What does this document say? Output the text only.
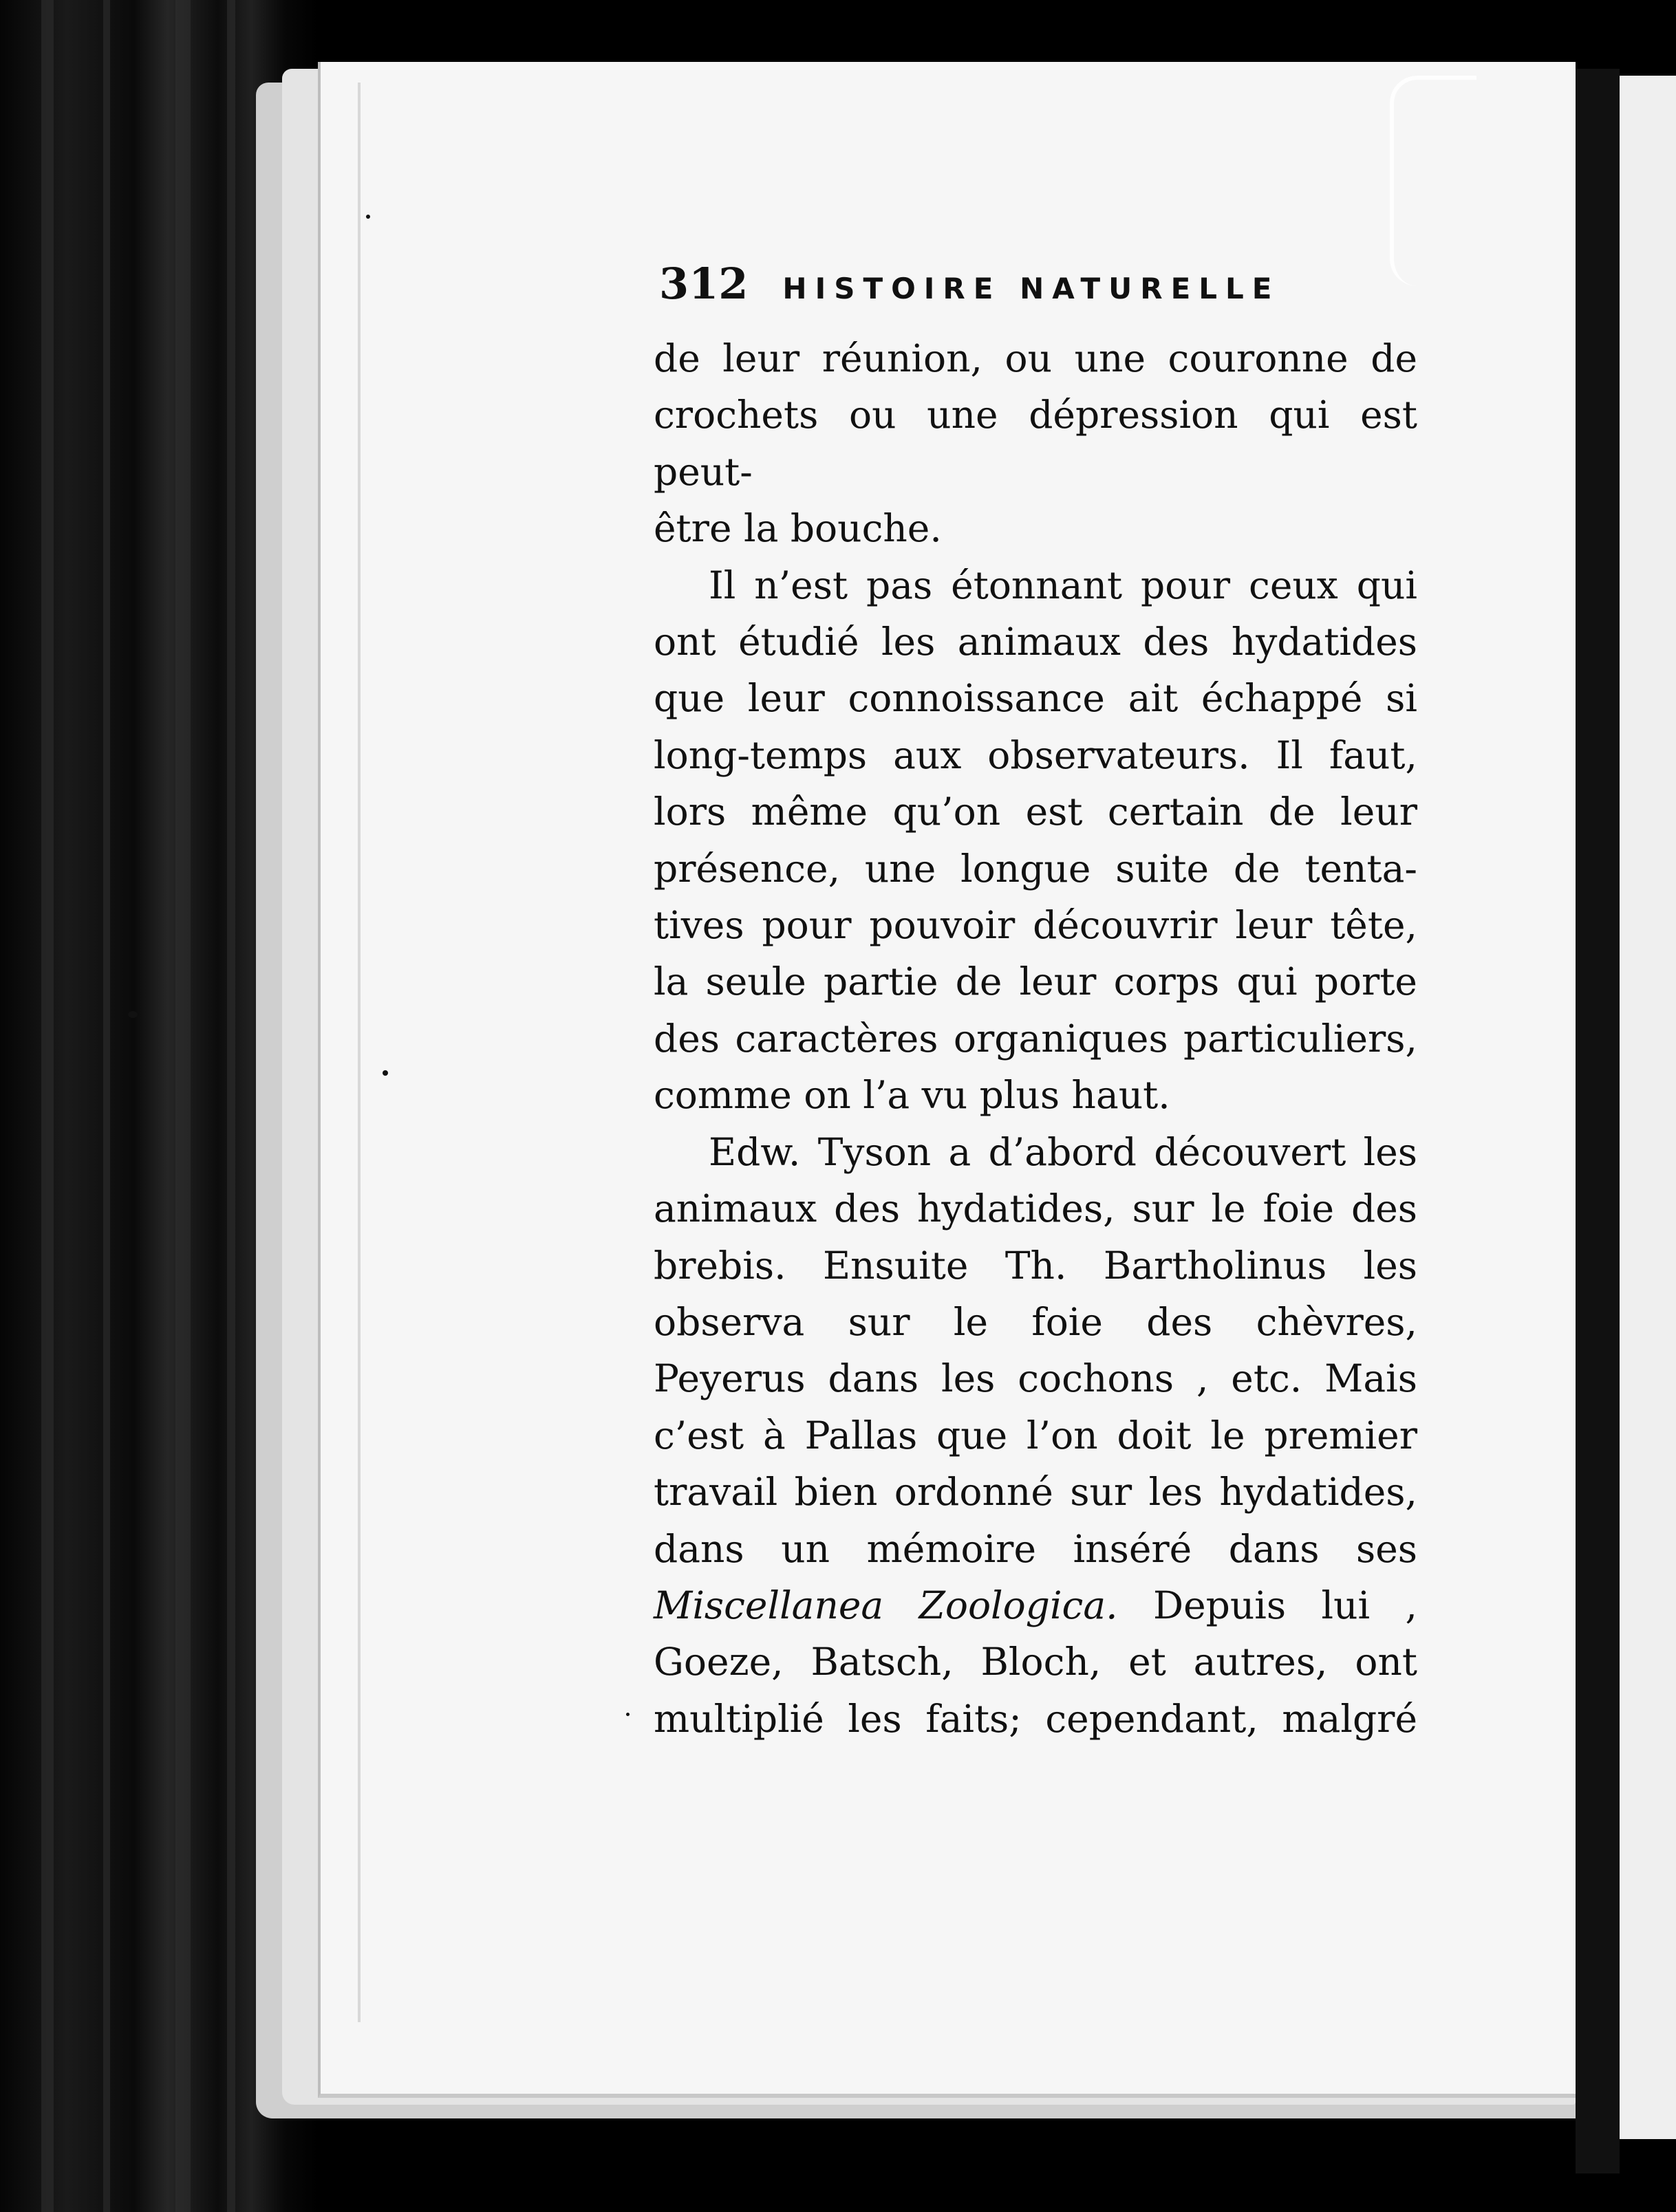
312 HISTOIRE NATURELLE
de leur réunion, ou une couronne de
crochets ou une dépression qui est peut-
être la bouche.
Il n’est pas étonnant pour ceux qui
ont étudié les animaux des hydatides
que leur connoissance ait échappé si
long-temps aux observateurs. Il faut,
lors même qu’on est certain de leur
présence, une longue suite de tenta-
tives pour pouvoir découvrir leur tête,
la seule partie de leur corps qui porte
des caractères organiques particuliers,
comme on l’a vu plus haut.

Edw. Tyson a d’abord découvert les animaux des hydatides, sur le foie des brebis. Ensuite Th. Bartholinus les observa sur le foie des chèvres, Peyerus dans les cochons , etc. Mais c’est à Pallas que l’on doit le premier travail bien ordonné sur les hydatides, dans un mémoire inséré dans ses Miscellanea Zoologica. Depuis lui , Goeze, Batsch, Bloch, et autres, ont multiplié les faits; cependant, malgré
